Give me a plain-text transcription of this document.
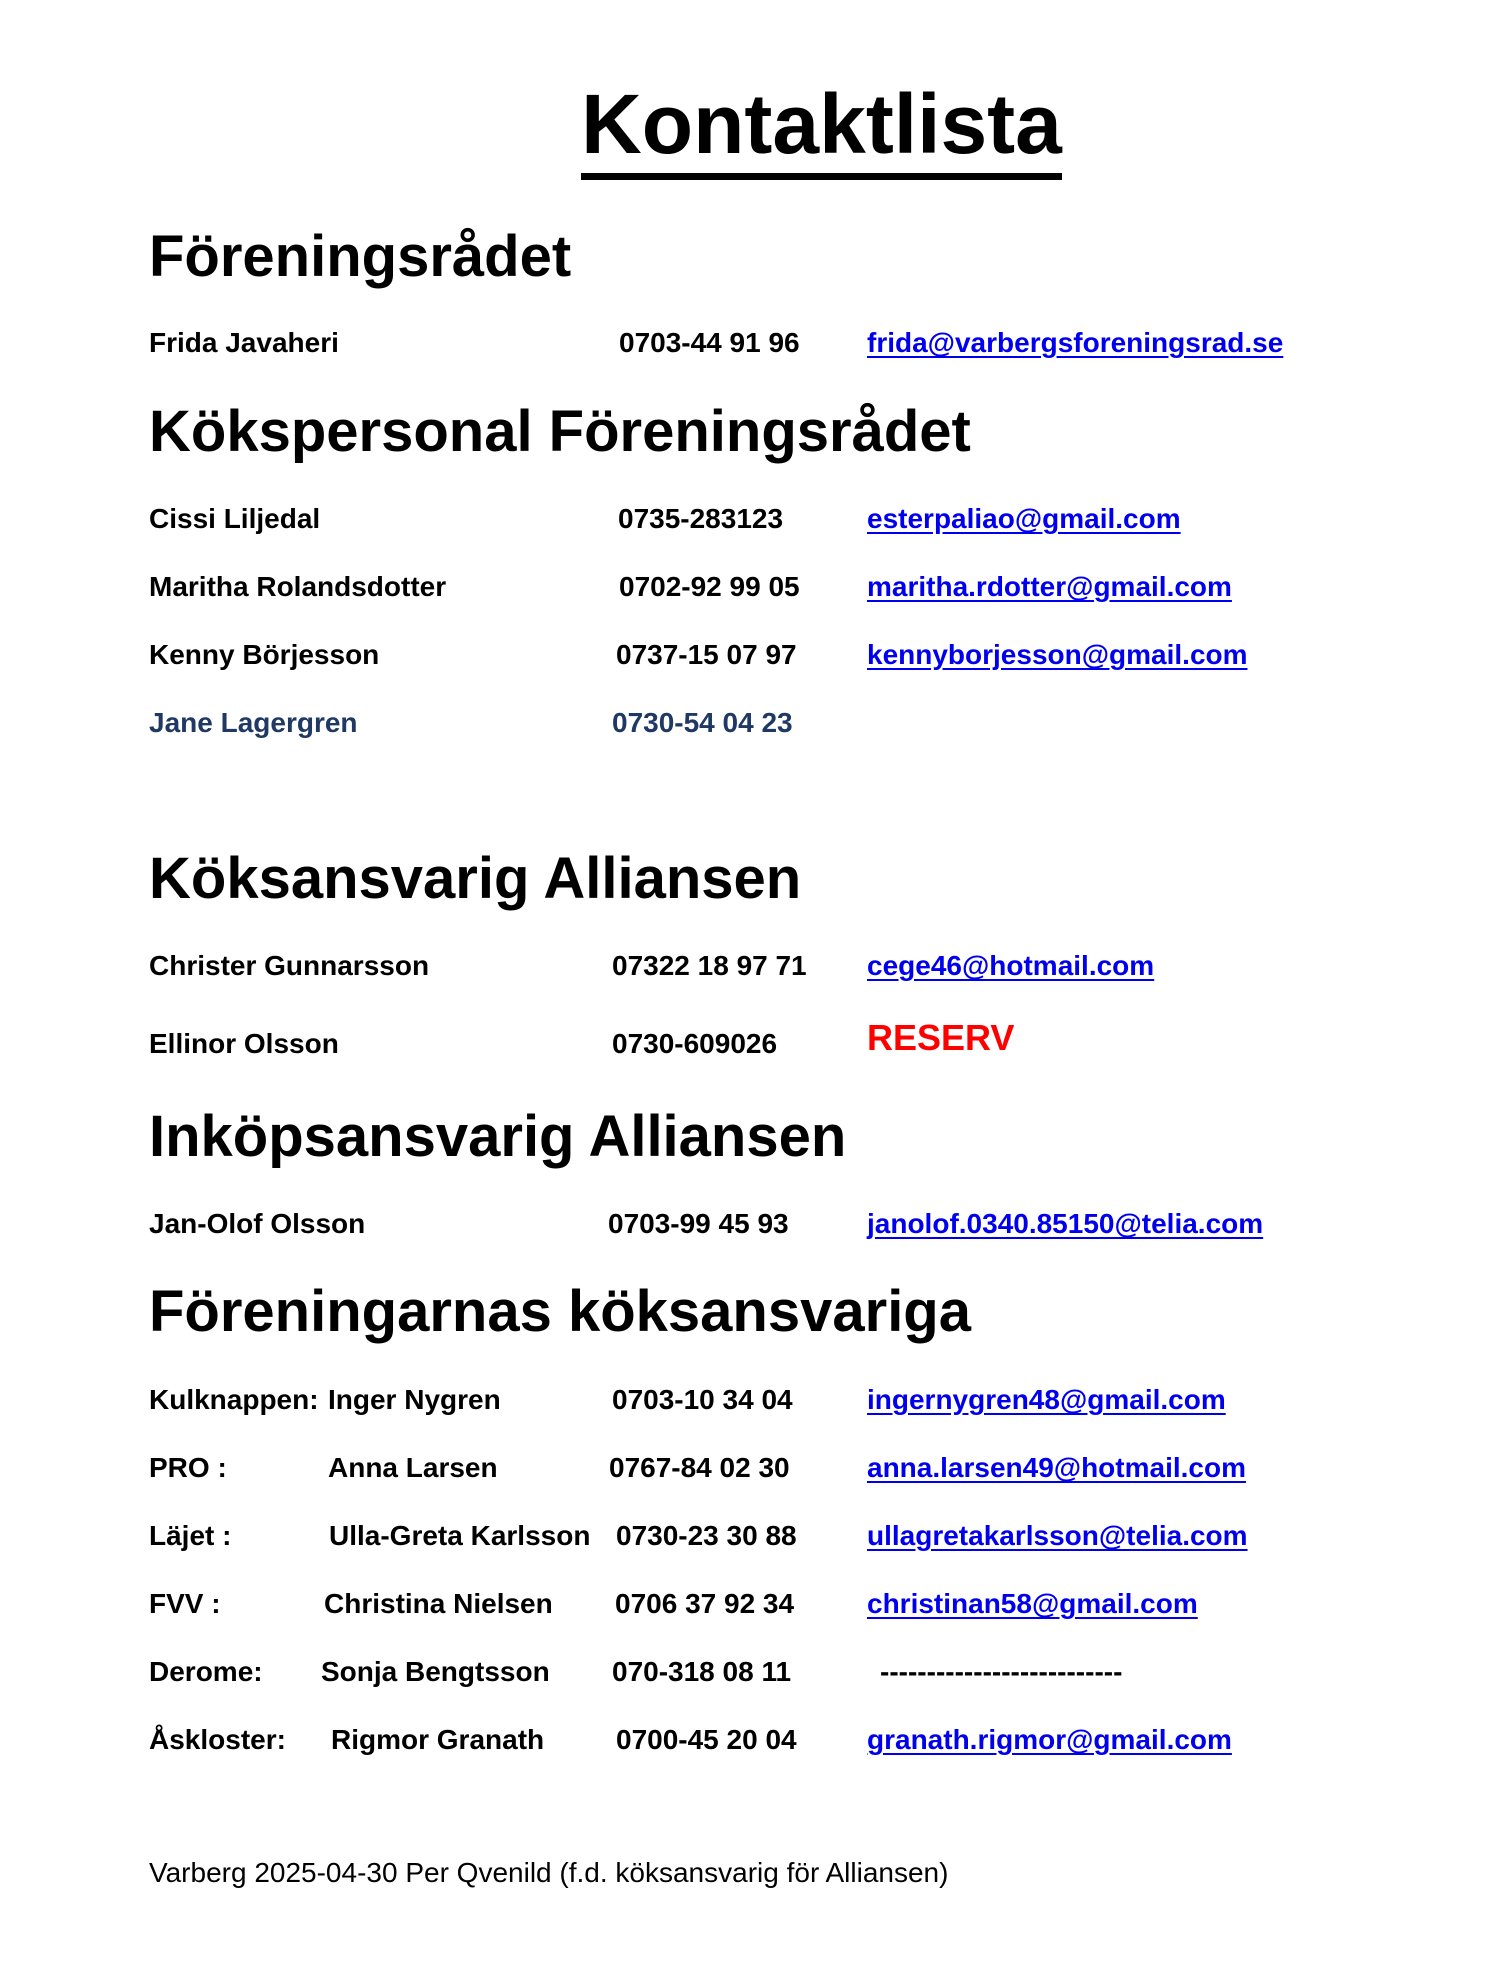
Kontaktlista
Föreningsrådet
Frida Javaheri	0703-44 91 96 frida@varbergsforeningsrad.se
Kökspersonal Föreningsrådet
Cissi Liljedal	0735-283123	esterpaliao@gmail.com
Maritha Rolandsdotter	0702-92 99 05 maritha.rdotter@gmail.com
Kenny Börjesson	0737-15 07 97	kennyborjesson@gmail.com
Jane Lagergren	0730-54 04 23
Köksansvarig Alliansen
Christer Gunnarsson	07322 18 97 71 cege46@hotmail.com
Ellinor Olsson	0730-609026 RESERV
Inköpsansvarig Alliansen
Jan-Olof Olsson	0703-99 45 93	janolof.0340.85150@telia.com
Föreningarnas köksansvariga
Kulknappen: Inger Nygren	0703-10 34 04	ingernygren48@gmail.com
PRO :	Anna Larsen	0767-84 02 30	anna.larsen49@hotmail.com
Läjet :	Ulla-Greta Karlsson 0730-23 30 88	ullagretakarlsson@telia.com
FVV :	Christina Nielsen 0706 37 92 34	christinan58@gmail.com
Derome: Sonja Bengtsson 070-318 08 11	--------------------------
Åskloster: Rigmor Granath	0700-45 20 04	granath.rigmor@gmail.com
Varberg 2025-04-30 Per Qvenild (f.d. köksansvarig för Alliansen)
